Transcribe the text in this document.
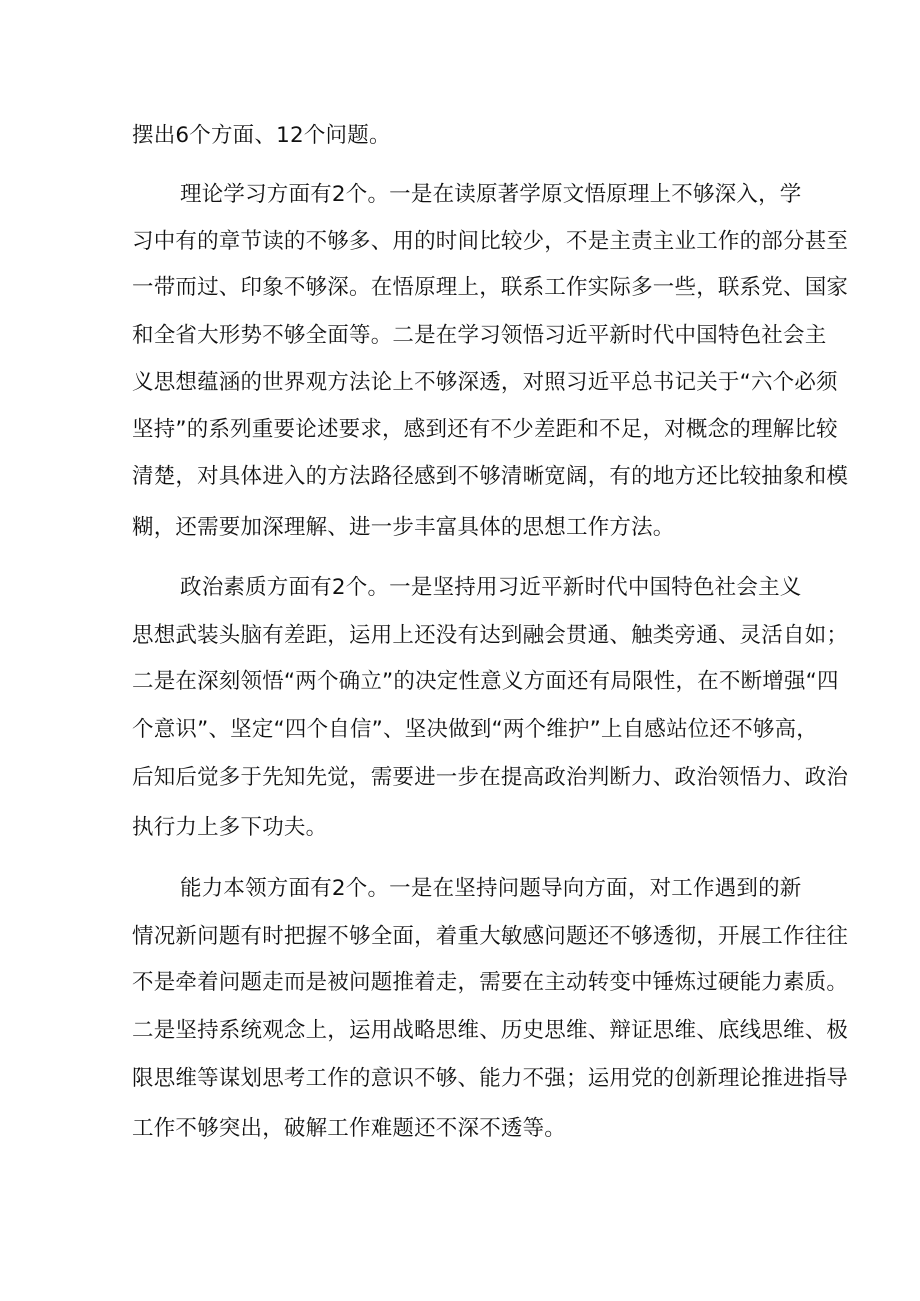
摆出6个方面、12个问题。
理论学习方面有2个。一是在读原著学原文悟原理上不够深入，学
习中有的章节读的不够多、用的时间比较少，不是主责主业工作的部分甚至
一带而过、印象不够深。在悟原理上，联系工作实际多一些，联系党、国家
和全省大形势不够全面等。二是在学习领悟习近平新时代中国特色社会主
义思想蕴涵的世界观方法论上不够深透，对照习近平总书记关于“六个必须
坚持”的系列重要论述要求，感到还有不少差距和不足，对概念的理解比较
清楚，对具体进入的方法路径感到不够清晰宽阔，有的地方还比较抽象和模
糊，还需要加深理解、进一步丰富具体的思想工作方法。
政治素质方面有2个。一是坚持用习近平新时代中国特色社会主义
思想武装头脑有差距，运用上还没有达到融会贯通、触类旁通、灵活自如；
二是在深刻领悟“两个确立”的决定性意义方面还有局限性，在不断增强“四
个意识”、坚定“四个自信”、坚决做到“两个维护”上自感站位还不够高，
后知后觉多于先知先觉，需要进一步在提高政治判断力、政治领悟力、政治
执行力上多下功夫。
能力本领方面有2个。一是在坚持问题导向方面，对工作遇到的新
情况新问题有时把握不够全面，着重大敏感问题还不够透彻，开展工作往往
不是牵着问题走而是被问题推着走，需要在主动转变中锤炼过硬能力素质。
二是坚持系统观念上，运用战略思维、历史思维、辩证思维、底线思维、极
限思维等谋划思考工作的意识不够、能力不强；运用党的创新理论推进指导
工作不够突出，破解工作难题还不深不透等。
